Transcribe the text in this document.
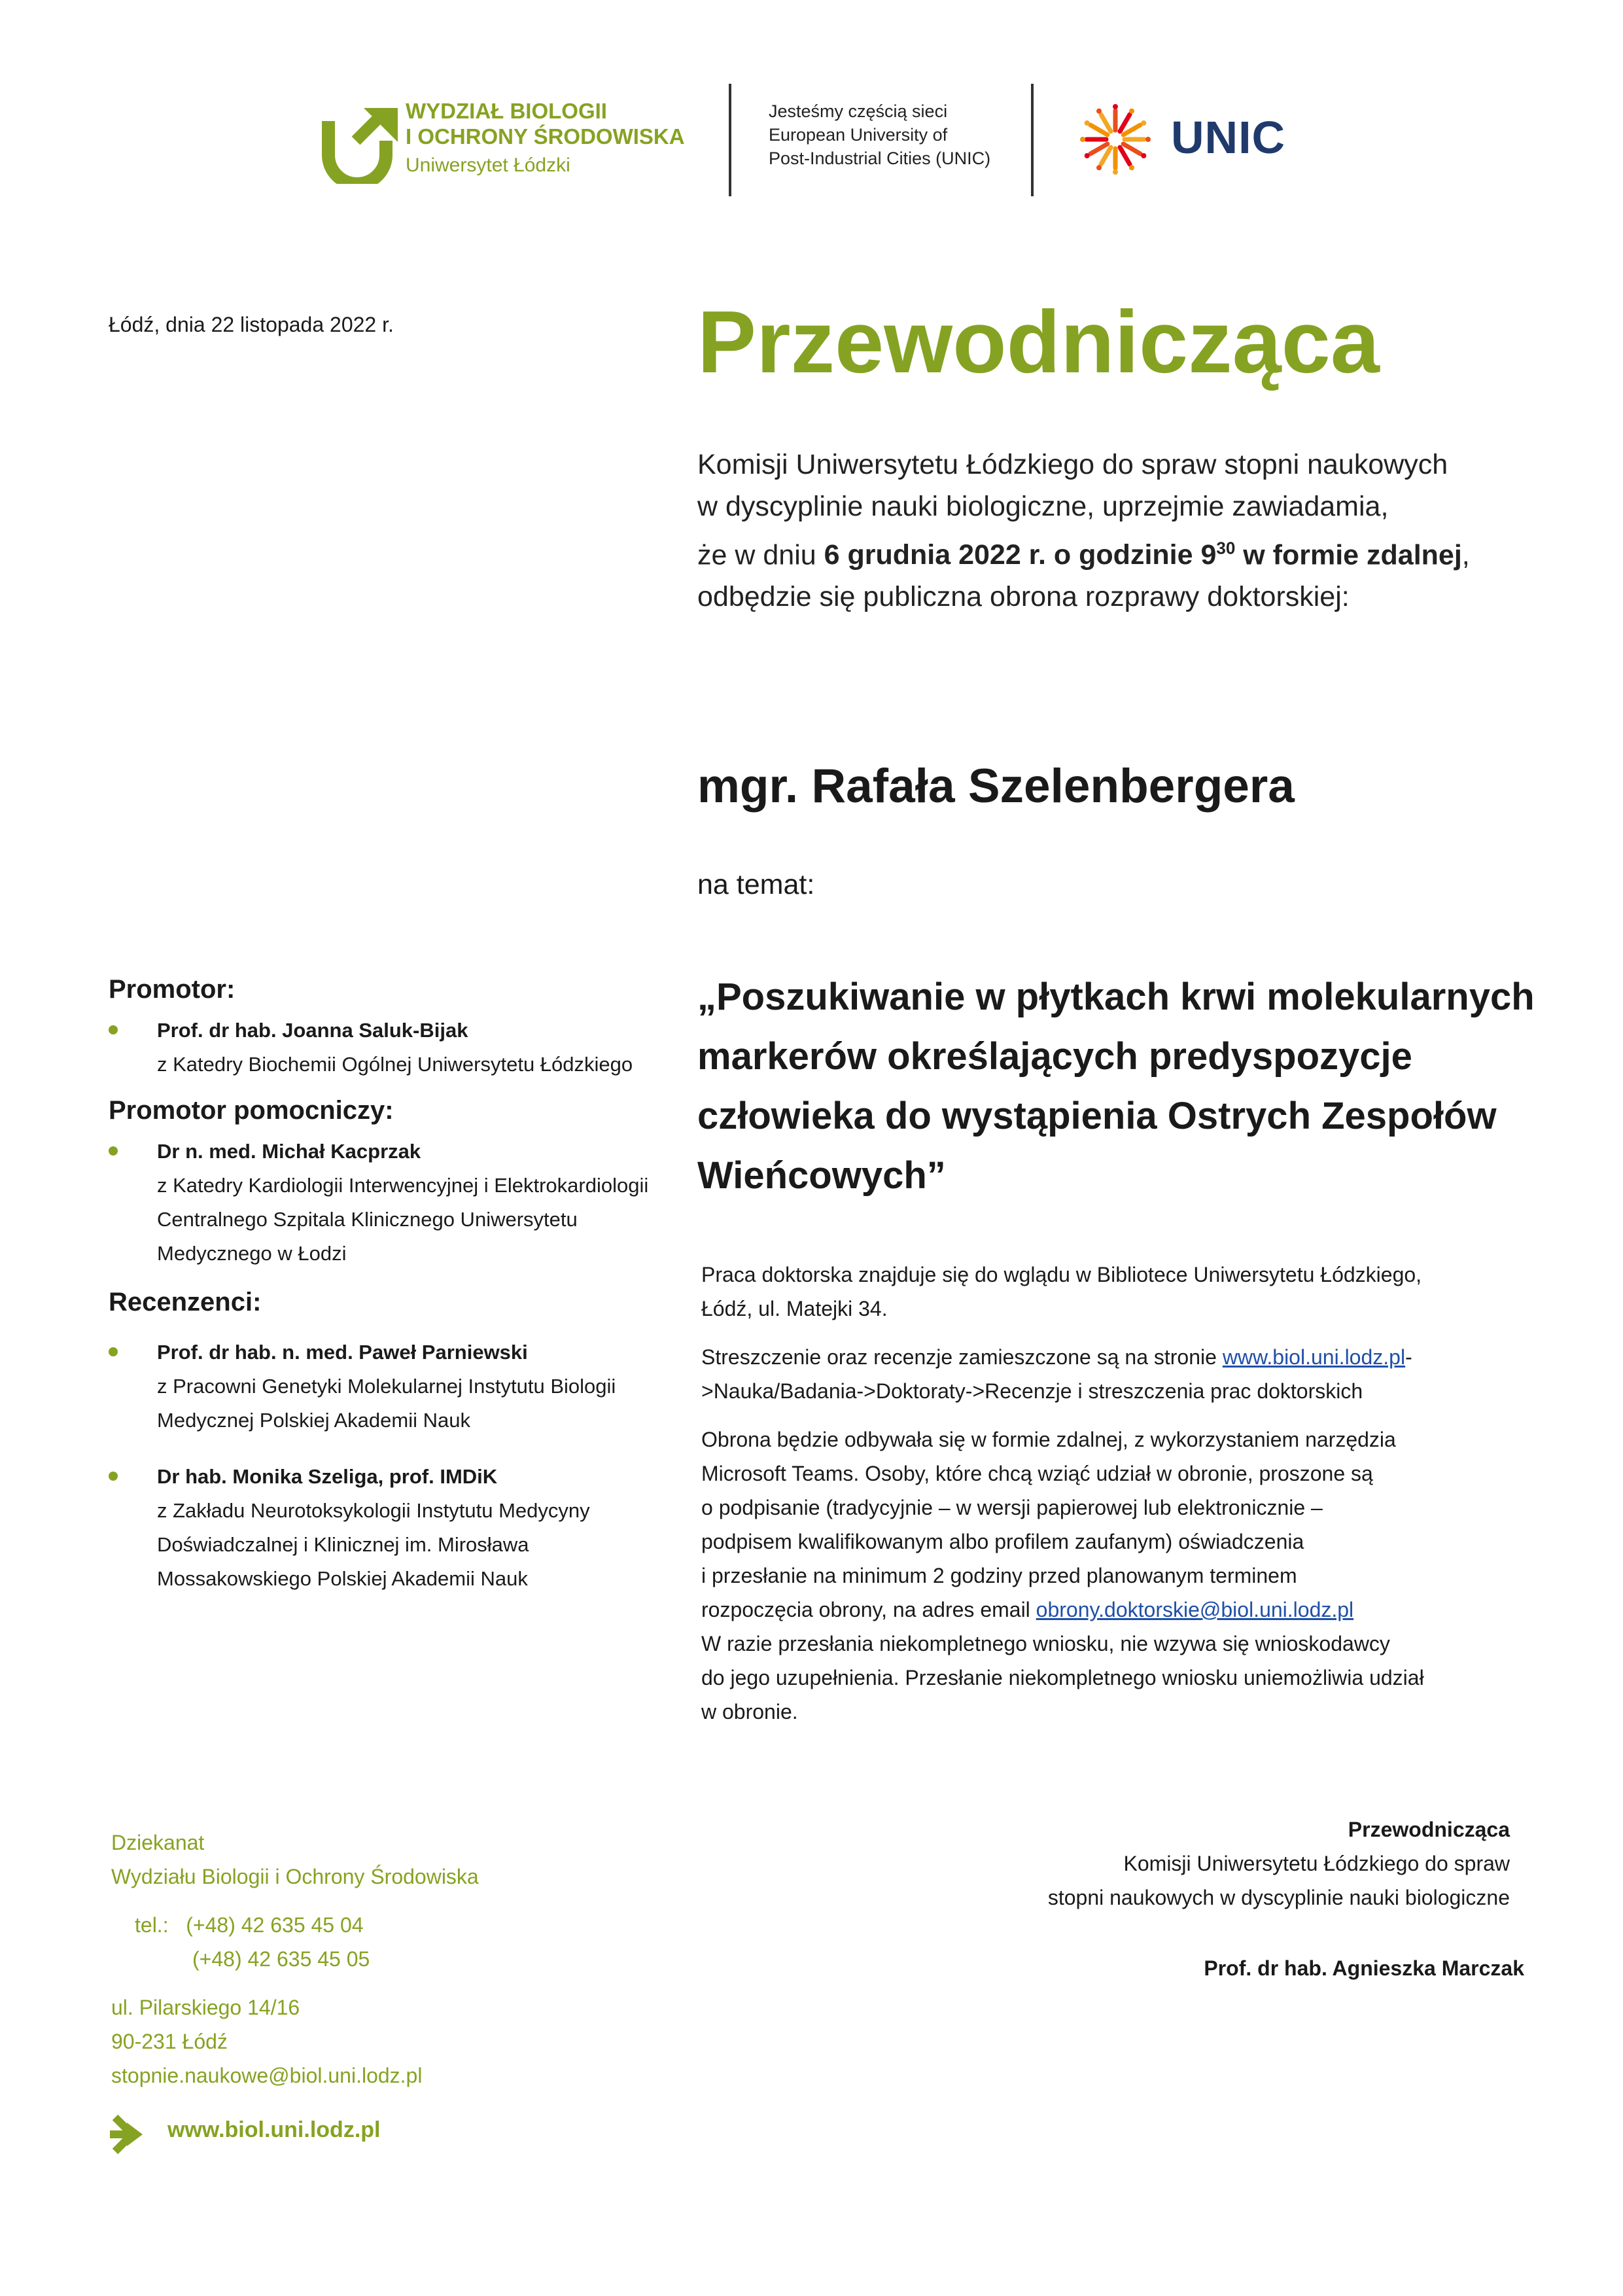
WYDZIAŁ BIOLOGII
I OCHRONY ŚRODOWISKA
Uniwersytet Łódzki
Jesteśmy częścią sieci
European University of
Post-Industrial Cities (UNIC)	UNIC
Łódź, dnia 22 listopada 2022 r.	Przewodnicząca
Komisji Uniwersytetu Łódzkiego do spraw stopni naukowych
w dyscyplinie nauki biologiczne, uprzejmie zawiadamia,
że w dniu 6 grudnia 2022 r. o godzinie $9^{30}$ w formie zdalnej,
odbędzie się publiczna obrona rozprawy doktorskiej:
mgr. Rafała Szelenbergera
na temat:
„Poszukiwanie w płytkach krwi molekularnych
markerów określających predyspozycje
człowieka do wystąpienia Ostrych Zespołów
Wieńcowych”
Promotor:
Prof. dr hab. Joanna Saluk-Bijak
z Katedry Biochemii Ogólnej Uniwersytetu Łódzkiego
Promotor pomocniczy:
Dr n. med. Michał Kacprzak
z Katedry Kardiologii Interwencyjnej i Elektrokardiologii
Centralnego Szpitala Klinicznego Uniwersytetu
Medycznego w Łodzi
Recenzenci:
Prof. dr hab. n. med. Paweł Parniewski
z Pracowni Genetyki Molekularnej Instytutu Biologii
Medycznej Polskiej Akademii Nauk
Dr hab. Monika Szeliga, prof. IMDiK
z Zakładu Neurotoksykologii Instytutu Medycyny
Doświadczalnej i Klinicznej im. Mirosława
Mossakowskiego Polskiej Akademii Nauk

Praca doktorska znajduje się do wglądu w Bibliotece Uniwersytetu Łódzkiego,
Łódź, ul. Matejki 34.

Streszczenie oraz recenzje zamieszczone są na stronie www.biol.uni.lodz.pl-
>Nauka/Badania->Doktoraty->Recenzje i streszczenia prac doktorskich

Obrona będzie odbywała się w formie zdalnej, z wykorzystaniem narzędzia
Microsoft Teams. Osoby, które chcą wziąć udział w obronie, proszone są
o podpisanie (tradycyjnie – w wersji papierowej lub elektronicznie –
podpisem kwalifikowanym albo profilem zaufanym) oświadczenia
i przesłanie na minimum 2 godziny przed planowanym terminem
rozpoczęcia obrony, na adres email obrony.doktorskie@biol.uni.lodz.pl
W razie przesłania niekompletnego wniosku, nie wzywa się wnioskodawcy
do jego uzupełnienia. Przesłanie niekompletnego wniosku uniemożliwia udział
w obronie.

Dziekanat
Wydziału Biologii i Ochrony Środowiska
tel.: (+48) 42 635 45 04
(+48) 42 635 45 05
ul. Pilarskiego 14/16
90-231 Łódź
stopnie.naukowe@biol.uni.lodz.pl
www.biol.uni.lodz.pl
Przewodnicząca
Komisji Uniwersytetu Łódzkiego do spraw
stopni naukowych w dyscyplinie nauki biologiczne
Prof. dr hab. Agnieszka Marczak
